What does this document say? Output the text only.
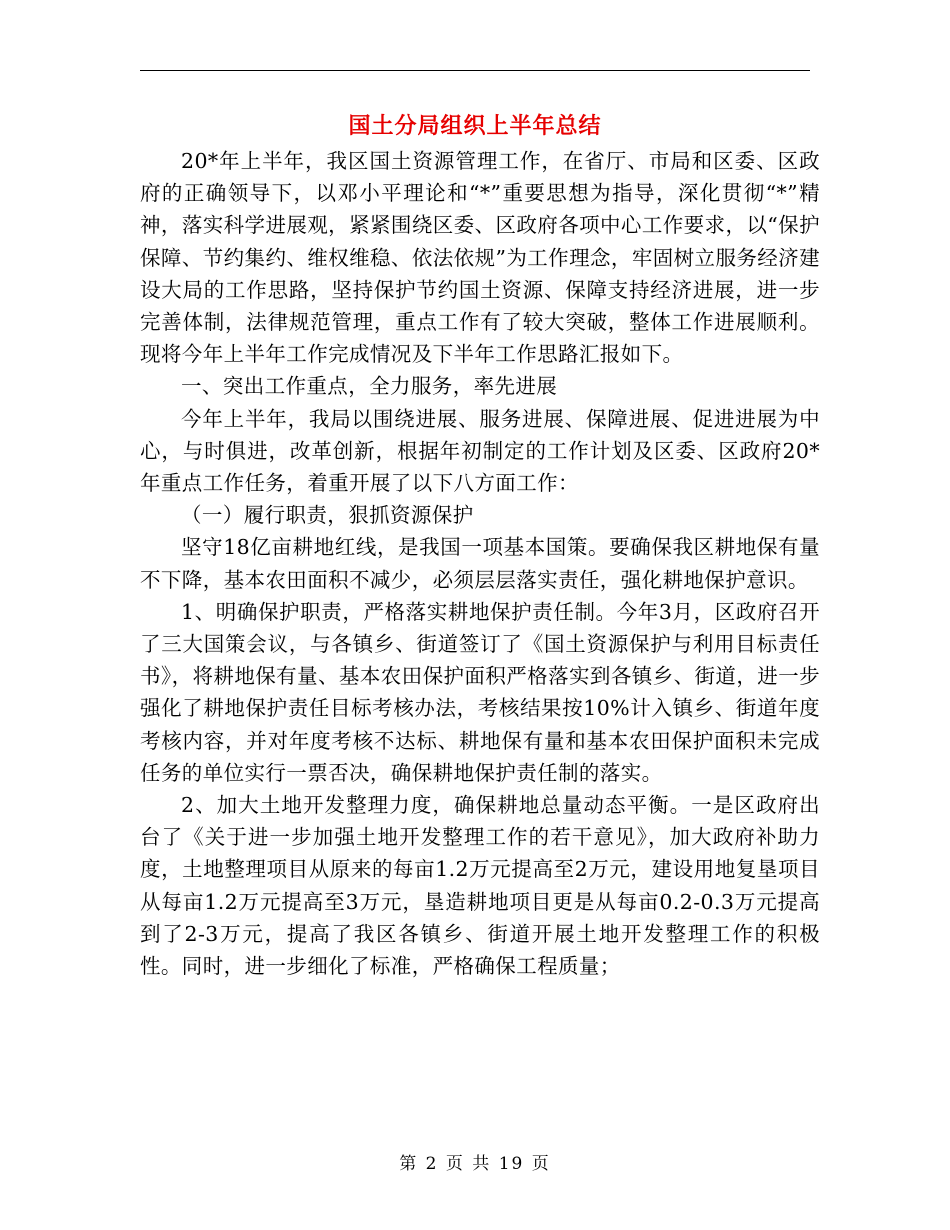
国土分局组织上半年总结

20*年上半年，我区国土资源管理工作，在省厅、市局和区委、区政府的正确领导下，以邓小平理论和“*”重要思想为指导，深化贯彻“*”精神，落实科学进展观，紧紧围绕区委、区政府各项中心工作要求，以“保护保障、节约集约、维权维稳、依法依规”为工作理念，牢固树立服务经济建设大局的工作思路，坚持保护节约国土资源、保障支持经济进展，进一步完善体制，法律规范管理，重点工作有了较大突破，整体工作进展顺利。现将今年上半年工作完成情况及下半年工作思路汇报如下。

一、突出工作重点，全力服务，率先进展

今年上半年，我局以围绕进展、服务进展、保障进展、促进进展为中心，与时俱进，改革创新，根据年初制定的工作计划及区委、区政府20*年重点工作任务，着重开展了以下八方面工作：

（一）履行职责，狠抓资源保护

坚守18亿亩耕地红线，是我国一项基本国策。要确保我区耕地保有量不下降，基本农田面积不减少，必须层层落实责任，强化耕地保护意识。

1、明确保护职责，严格落实耕地保护责任制。今年3月，区政府召开了三大国策会议，与各镇乡、街道签订了《国土资源保护与利用目标责任书》，将耕地保有量、基本农田保护面积严格落实到各镇乡、街道，进一步强化了耕地保护责任目标考核办法，考核结果按10%计入镇乡、街道年度考核内容，并对年度考核不达标、耕地保有量和基本农田保护面积未完成任务的单位实行一票否决，确保耕地保护责任制的落实。

2、加大土地开发整理力度，确保耕地总量动态平衡。一是区政府出台了《关于进一步加强土地开发整理工作的若干意见》，加大政府补助力度，土地整理项目从原来的每亩1.2万元提高至2万元，建设用地复垦项目从每亩1.2万元提高至3万元，垦造耕地项目更是从每亩0.2-0.3万元提高到了2-3万元，提高了我区各镇乡、街道开展土地开发整理工作的积极性。同时，进一步细化了标准，严格确保工程质量；

第 2 页 共 19 页
